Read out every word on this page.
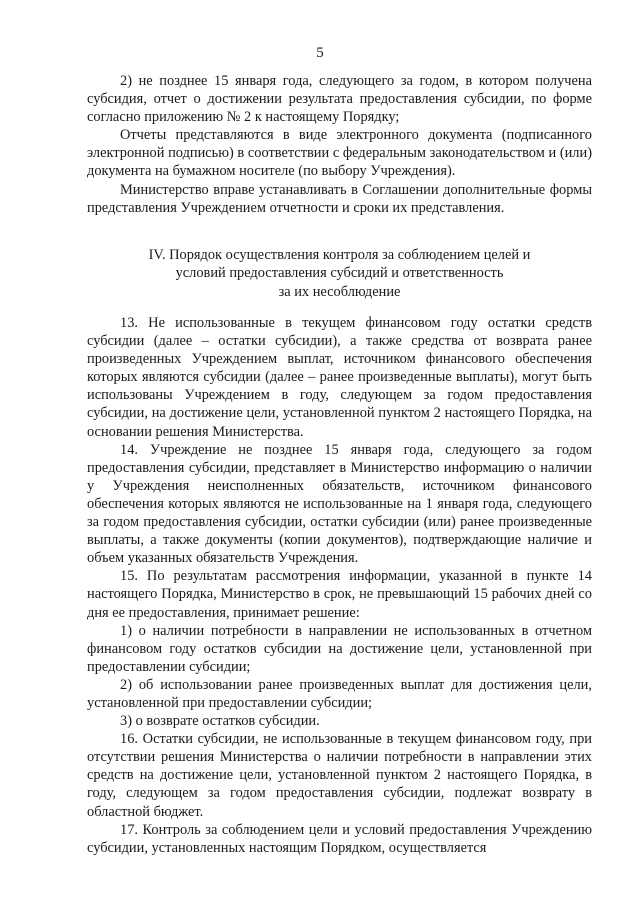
5

2) не позднее 15 января года, следующего за годом, в котором получена субсидия, отчет о достижении результата предоставления субсидии, по форме согласно приложению № 2 к настоящему Порядку;

Отчеты представляются в виде электронного документа (подписанного электронной подписью) в соответствии с федеральным законодательством и (или) документа на бумажном носителе (по выбору Учреждения).

Министерство вправе устанавливать в Соглашении дополнительные формы представления Учреждением отчетности и сроки их представления.

IV. Порядок осуществления контроля за соблюдением целей и
условий предоставления субсидий и ответственность
за их несоблюдение

13. Не использованные в текущем финансовом году остатки средств субсидии (далее – остатки субсидии), а также средства от возврата ранее произведенных Учреждением выплат, источником финансового обеспечения которых являются субсидии (далее – ранее произведенные выплаты), могут быть использованы Учреждением в году, следующем за годом предоставления субсидии, на достижение цели, установленной пунктом 2 настоящего Порядка, на основании решения Министерства.

14. Учреждение не позднее 15 января года, следующего за годом предоставления субсидии, представляет в Министерство информацию о наличии у Учреждения неисполненных обязательств, источником финансового обеспечения которых являются не использованные на 1 января года, следующего за годом предоставления субсидии, остатки субсидии (или) ранее произведенные выплаты, а также документы (копии документов), подтверждающие наличие и объем указанных обязательств Учреждения.

15. По результатам рассмотрения информации, указанной в пункте 14 настоящего Порядка, Министерство в срок, не превышающий 15 рабочих дней со дня ее предоставления, принимает решение:

1) о наличии потребности в направлении не использованных в отчетном финансовом году остатков субсидии на достижение цели, установленной при предоставлении субсидии;

2) об использовании ранее произведенных выплат для достижения цели, установленной при предоставлении субсидии;

3) о возврате остатков субсидии.

16. Остатки субсидии, не использованные в текущем финансовом году, при отсутствии решения Министерства о наличии потребности в направлении этих средств на достижение цели, установленной пунктом 2 настоящего Порядка, в году, следующем за годом предоставления субсидии, подлежат возврату в областной бюджет.

17. Контроль за соблюдением цели и условий предоставления Учреждению субсидии, установленных настоящим Порядком, осуществляется
